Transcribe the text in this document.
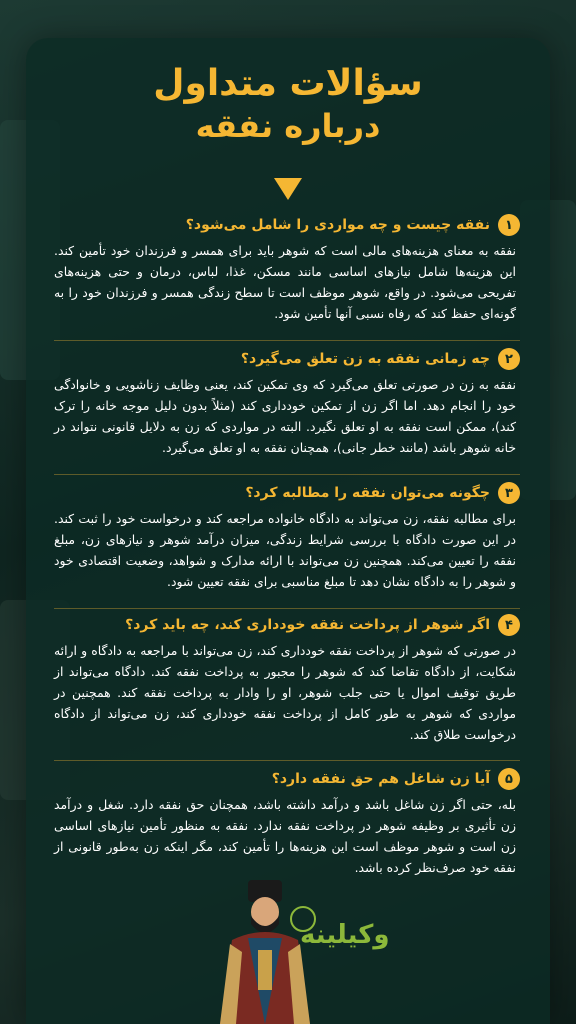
سؤالات متداول
درباره نفقه
۱
نفقه چیست و چه مواردی را شامل می‌شود؟
نفقه به معنای هزینه‌های مالی است که شوهر باید برای همسر و فرزندان خود تأمین کند. این هزینه‌ها شامل نیازهای اساسی مانند مسکن، غذا، لباس، درمان و حتی هزینه‌های تفریحی می‌شود. در واقع، شوهر موظف است تا سطح زندگی همسر و فرزندان خود را به گونه‌ای حفظ کند که رفاه نسبی آنها تأمین شود.
۲
چه زمانی نفقه به زن تعلق می‌گیرد؟
نفقه به زن در صورتی تعلق می‌گیرد که وی تمکین کند، یعنی وظایف زناشویی و خانوادگی خود را انجام دهد. اما اگر زن از تمکین خودداری کند (مثلاً بدون دلیل موجه خانه را ترک کند)، ممکن است نفقه به او تعلق نگیرد. البته در مواردی که زن به دلایل قانونی نتواند در خانه شوهر باشد (مانند خطر جانی)، همچنان نفقه به او تعلق می‌گیرد.
۳
چگونه می‌توان نفقه را مطالبه کرد؟
برای مطالبه نفقه، زن می‌تواند به دادگاه خانواده مراجعه کند و درخواست خود را ثبت کند. در این صورت دادگاه با بررسی شرایط زندگی، میزان درآمد شوهر و نیازهای زن، مبلغ نفقه را تعیین می‌کند. همچنین زن می‌تواند با ارائه مدارک و شواهد، وضعیت اقتصادی خود و شوهر را به دادگاه نشان دهد تا مبلغ مناسبی برای نفقه تعیین شود.
۴
اگر شوهر از پرداخت نفقه خودداری کند، چه باید کرد؟
در صورتی که شوهر از پرداخت نفقه خودداری کند، زن می‌تواند با مراجعه به دادگاه و ارائه شکایت، از دادگاه تقاضا کند که شوهر را مجبور به پرداخت نفقه کند. دادگاه می‌تواند از طریق توقیف اموال یا حتی جلب شوهر، او را وادار به پرداخت نفقه کند. همچنین در مواردی که شوهر به طور کامل از پرداخت نفقه خودداری کند، زن می‌تواند از دادگاه درخواست طلاق کند.
۵
آیا زن شاغل هم حق نفقه دارد؟
بله، حتی اگر زن شاغل باشد و درآمد داشته باشد، همچنان حق نفقه دارد. شغل و درآمد زن تأثیری بر وظیفه شوهر در پرداخت نفقه ندارد. نفقه به منظور تأمین نیازهای اساسی زن است و شوهر موظف است این هزینه‌ها را تأمین کند، مگر اینکه زن به‌طور قانونی از نفقه خود صرف‌نظر کرده باشد.
وکیلینه
